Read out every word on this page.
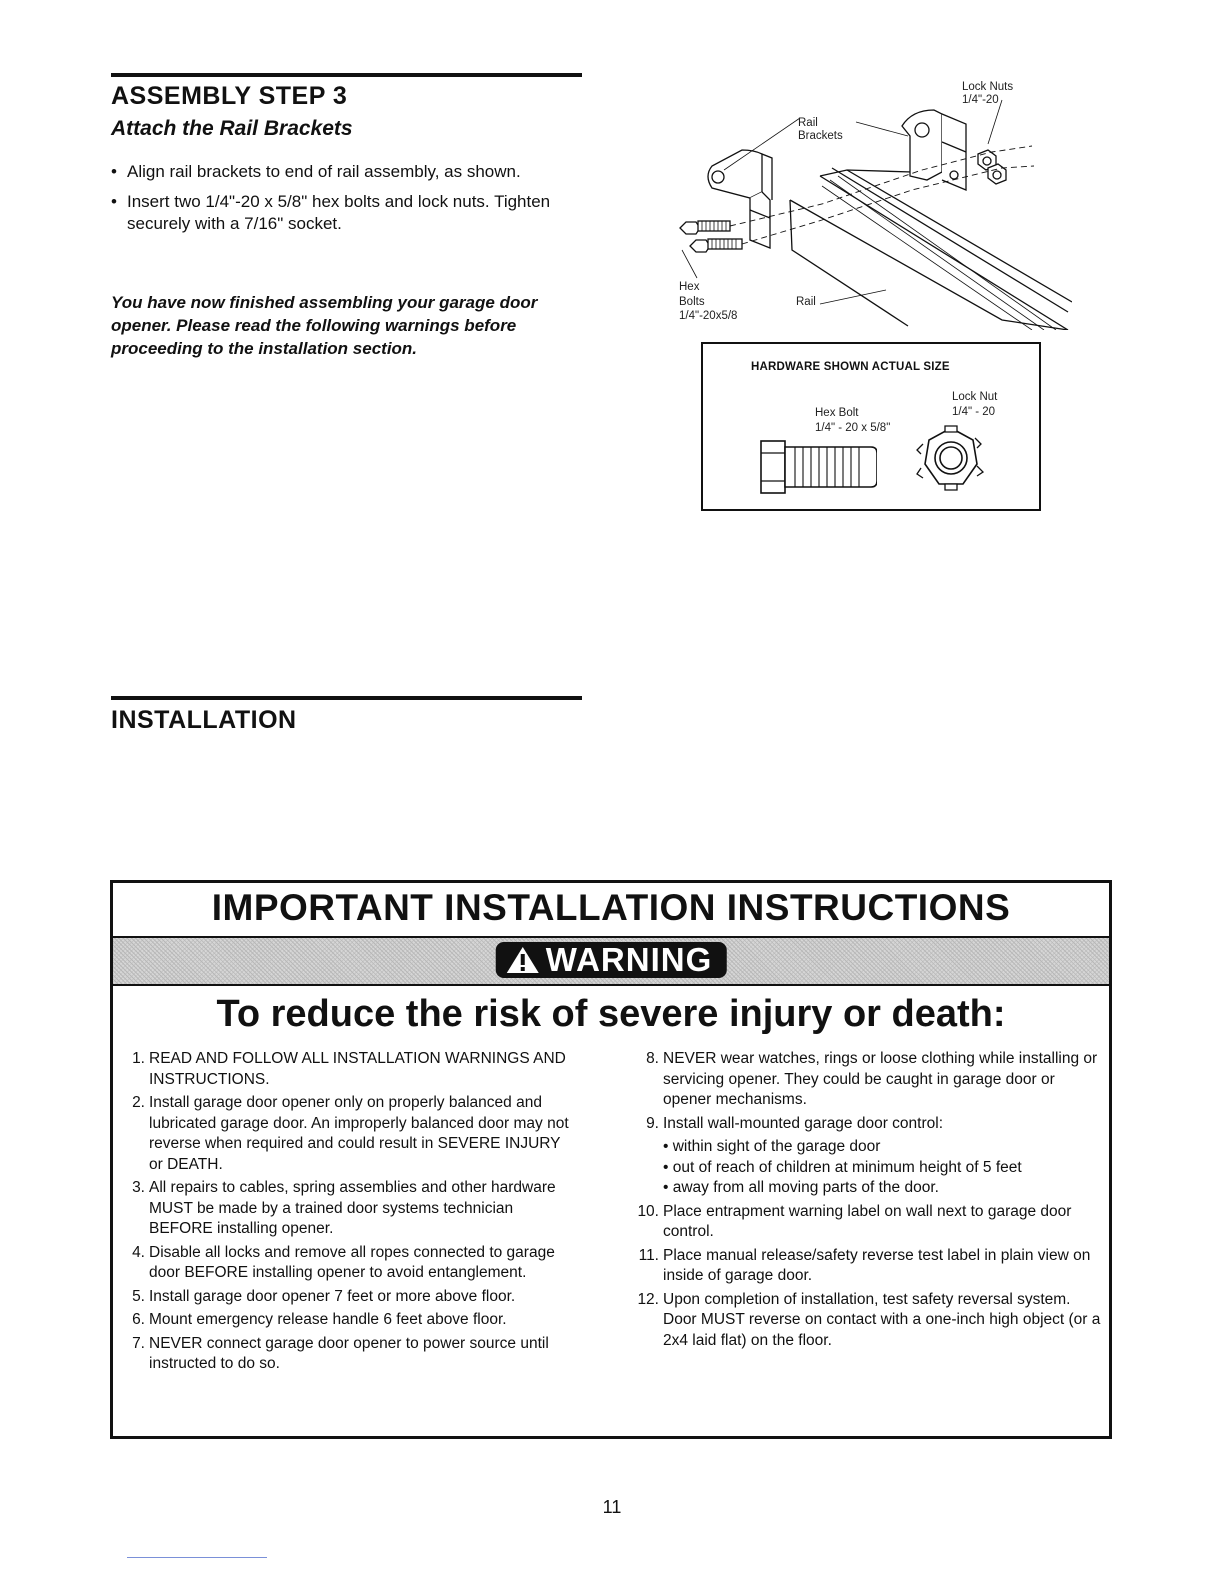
ASSEMBLY STEP 3
Attach the Rail Brackets
• Align rail brackets to end of rail assembly, as shown.
• Insert two 1/4"-20 x 5/8" hex bolts and lock nuts. Tighten securely with a 7/16" socket.
You have now finished assembling your garage door opener. Please read the following warnings before proceeding to the installation section.
Lock Nuts
1/4"-20
Rail
Brackets
Hex
Bolts
1/4"-20x5/8
Rail
HARDWARE SHOWN ACTUAL SIZE
Hex Bolt
1/4" - 20 x 5/8"
Lock Nut
1/4" - 20
INSTALLATION
IMPORTANT INSTALLATION INSTRUCTIONS
WARNING
To reduce the risk of severe injury or death:
1. READ AND FOLLOW ALL INSTALLATION WARNINGS AND INSTRUCTIONS.
2. Install garage door opener only on properly balanced and lubricated garage door. An improperly balanced door may not reverse when required and could result in SEVERE INJURY or DEATH.
3. All repairs to cables, spring assemblies and other hardware MUST be made by a trained door systems technician BEFORE installing opener.
4. Disable all locks and remove all ropes connected to garage door BEFORE installing opener to avoid entanglement.
5. Install garage door opener 7 feet or more above floor.
6. Mount emergency release handle 6 feet above floor.
7. NEVER connect garage door opener to power source until instructed to do so.
8. NEVER wear watches, rings or loose clothing while installing or servicing opener. They could be caught in garage door or opener mechanisms.
9. Install wall-mounted garage door control:
• within sight of the garage door
• out of reach of children at minimum height of 5 feet
• away from all moving parts of the door.
10. Place entrapment warning label on wall next to garage door control.
11. Place manual release/safety reverse test label in plain view on inside of garage door.
12. Upon completion of installation, test safety reversal system. Door MUST reverse on contact with a one-inch high object (or a 2x4 laid flat) on the floor.
11
